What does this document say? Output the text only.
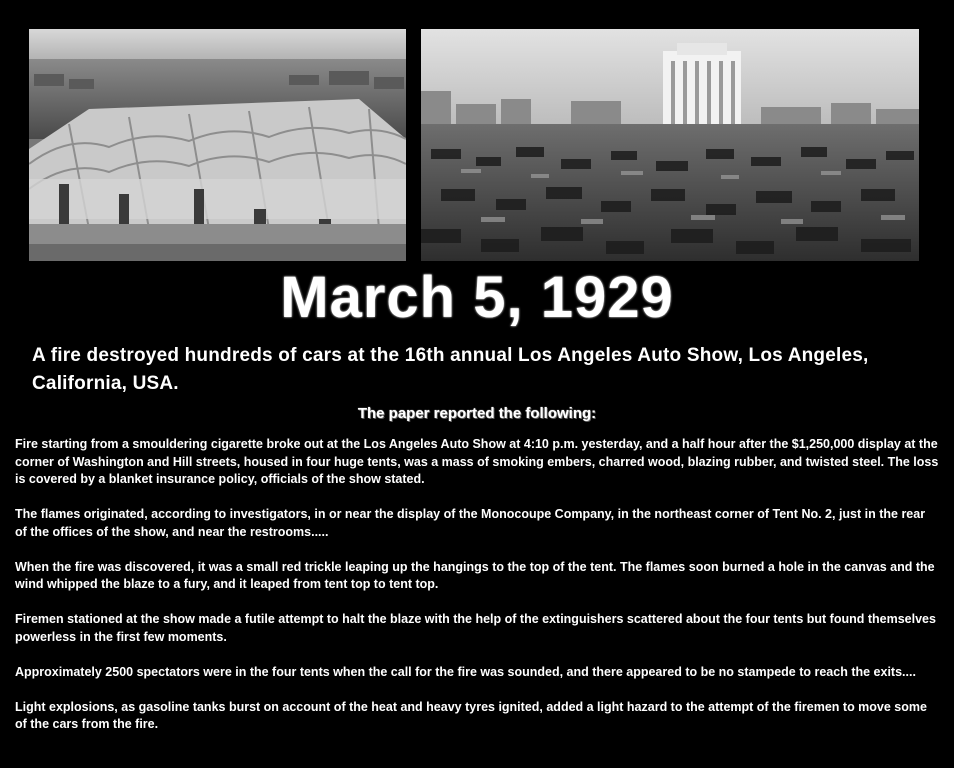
March 5, 1929
A fire destroyed hundreds of cars at the 16th annual Los Angeles Auto Show, Los Angeles, California, USA.
The paper reported the following:

Fire starting from a smouldering cigarette broke out at the Los Angeles Auto Show at 4:10 p.m. yesterday, and a half hour after the $1,250,000 display at the corner of Washington and Hill streets, housed in four huge tents, was a mass of smoking embers, charred wood, blazing rubber, and twisted steel. The loss is covered by a blanket insurance policy, officials of the show stated.

The flames originated, according to investigators, in or near the display of the Monocoupe Company, in the northeast corner of Tent No. 2, just in the rear of the offices of the show, and near the restrooms.....

When the fire was discovered, it was a small red trickle leaping up the hangings to the top of the tent. The flames soon burned a hole in the canvas and the wind whipped the blaze to a fury, and it leaped from tent top to tent top.

Firemen stationed at the show made a futile attempt to halt the blaze with the help of the extinguishers scattered about the four tents but found themselves powerless in the first few moments.

Approximately 2500 spectators were in the four tents when the call for the fire was sounded, and there appeared to be no stampede to reach the exits....

Light explosions, as gasoline tanks burst on account of the heat and heavy tyres ignited, added a light hazard to the attempt of the firemen to move some of the cars from the fire.
